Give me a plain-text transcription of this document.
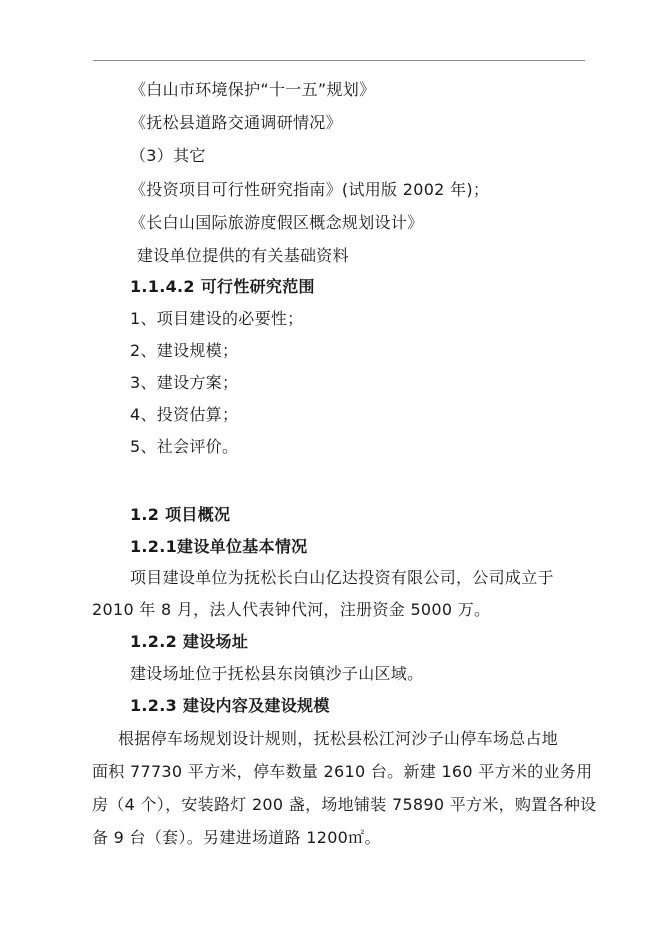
《白山市环境保护“十一五”规划》
《抚松县道路交通调研情况》
（3）其它
《投资项目可行性研究指南》(试用版 2002 年)；
《长白山国际旅游度假区概念规划设计》
建设单位提供的有关基础资料
1.1.4.2 可行性研究范围
1、项目建设的必要性；
2、建设规模；
3、建设方案；
4、投资估算；
5、社会评价。
1.2 项目概况
1.2.1建设单位基本情况
项目建设单位为抚松长白山亿达投资有限公司，公司成立于
2010 年 8 月，法人代表钟代河，注册资金 5000 万。
1.2.2 建设场址
建设场址位于抚松县东岗镇沙子山区域。
1.2.3 建设内容及建设规模
根据停车场规划设计规则，抚松县松江河沙子山停车场总占地
面积 77730 平方米，停车数量 2610 台。新建 160 平方米的业务用
房（4 个），安装路灯 200 盏，场地铺装 75890 平方米，购置各种设
备 9 台（套）。另建进场道路 1200㎡。
